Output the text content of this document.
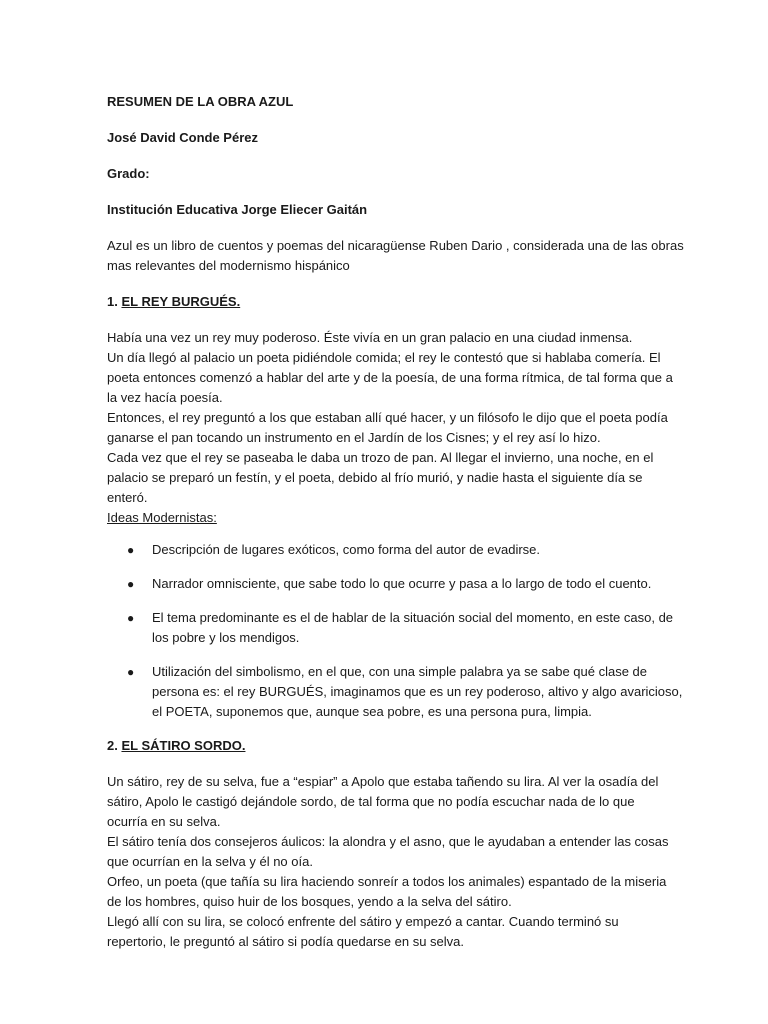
RESUMEN DE LA OBRA AZUL

José David Conde Pérez

Grado:

Institución Educativa Jorge Eliecer Gaitán

Azul es un libro de cuentos y poemas del nicaragüense Ruben Dario , considerada una de las obras
mas relevantes del modernismo hispánico

1. EL REY BURGUÉS.

Había una vez un rey muy poderoso. Éste vivía en un gran palacio en una ciudad inmensa.
Un día llegó al palacio un poeta pidiéndole comida; el rey le contestó que si hablaba comería. El
poeta entonces comenzó a hablar del arte y de la poesía, de una forma rítmica, de tal forma que a
la vez hacía poesía.
Entonces, el rey preguntó a los que estaban allí qué hacer, y un filósofo le dijo que el poeta podía
ganarse el pan tocando un instrumento en el Jardín de los Cisnes; y el rey así lo hizo.
Cada vez que el rey se paseaba le daba un trozo de pan. Al llegar el invierno, una noche, en el
palacio se preparó un festín, y el poeta, debido al frío murió, y nadie hasta el siguiente día se
enteró.
Ideas Modernistas:
● Descripción de lugares exóticos, como forma del autor de evadirse.
● Narrador omnisciente, que sabe todo lo que ocurre y pasa a lo largo de todo el cuento.
● El tema predominante es el de hablar de la situación social del momento, en este caso, de
los pobre y los mendigos.
● Utilización del simbolismo, en el que, con una simple palabra ya se sabe qué clase de
persona es: el rey BURGUÉS, imaginamos que es un rey poderoso, altivo y algo avaricioso,
el POETA, suponemos que, aunque sea pobre, es una persona pura, limpia.

2. EL SÁTIRO SORDO.

Un sátiro, rey de su selva, fue a “espiar” a Apolo que estaba tañendo su lira. Al ver la osadía del
sátiro, Apolo le castigó dejándole sordo, de tal forma que no podía escuchar nada de lo que
ocurría en su selva.
El sátiro tenía dos consejeros áulicos: la alondra y el asno, que le ayudaban a entender las cosas
que ocurrían en la selva y él no oía.
Orfeo, un poeta (que tañía su lira haciendo sonreír a todos los animales) espantado de la miseria
de los hombres, quiso huir de los bosques, yendo a la selva del sátiro.
Llegó allí con su lira, se colocó enfrente del sátiro y empezó a cantar. Cuando terminó su
repertorio, le preguntó al sátiro si podía quedarse en su selva.
